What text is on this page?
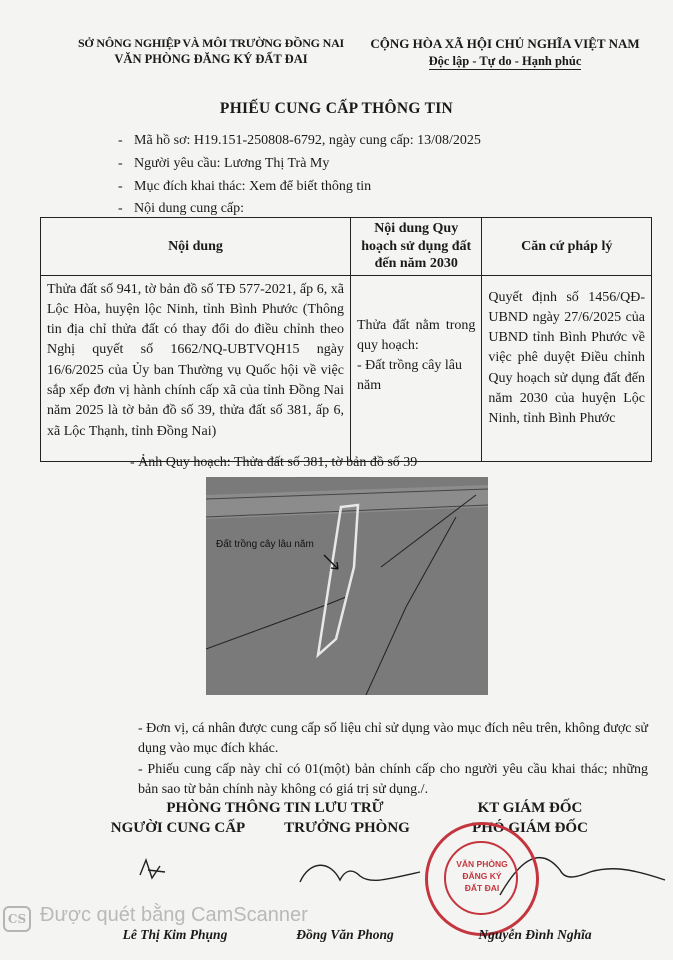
SỞ NÔNG NGHIỆP VÀ MÔI TRƯỜNG ĐỒNG NAI
VĂN PHÒNG ĐĂNG KÝ ĐẤT ĐAI
CỘNG HÒA XÃ HỘI CHỦ NGHĨA VIỆT NAM
Độc lập - Tự do - Hạnh phúc
PHIẾU CUNG CẤP THÔNG TIN
- Mã hồ sơ: H19.151-250808-6792, ngày cung cấp: 13/08/2025
- Người yêu cầu: Lương Thị Trà My
- Mục đích khai thác: Xem để biết thông tin
- Nội dung cung cấp:
Nội dung	Nội dung Quy hoạch sử dụng đất đến năm 2030	Căn cứ pháp lý
Thửa đất số 941, tờ bản đồ số TĐ 577-2021, ấp 6, xã Lộc Hòa, huyện lộc Ninh, tỉnh Bình Phước (Thông tin địa chỉ thửa đất có thay đổi do điều chỉnh theo Nghị quyết số 1662/NQ-UBTVQH15 ngày 16/6/2025 của Ủy ban Thường vụ Quốc hội về việc sắp xếp đơn vị hành chính cấp xã của tỉnh Đồng Nai năm 2025 là tờ bản đồ số 39, thửa đất số 381, ấp 6, xã Lộc Thạnh, tỉnh Đồng Nai)	Thửa đất nằm trong quy hoạch:
- Đất trồng cây lâu năm	Quyết định số 1456/QĐ-UBND ngày 27/6/2025 của UBND tỉnh Bình Phước về việc phê duyệt Điều chỉnh Quy hoạch sử dụng đất đến năm 2030 của huyện Lộc Ninh, tỉnh Bình Phước
- Ảnh Quy hoạch: Thửa đất số 381, tờ bản đồ số 39
Đất trồng cây lâu năm
- Đơn vị, cá nhân được cung cấp số liệu chỉ sử dụng vào mục đích nêu trên, không được sử dụng vào mục đích khác.
- Phiếu cung cấp này chỉ có 01(một) bản chính cấp cho người yêu cầu khai thác; những bản sao từ bản chính này không có giá trị sử dụng./.
PHÒNG THÔNG TIN LƯU TRỮ
NGƯỜI CUNG CẤP	TRƯỞNG PHÒNG
KT GIÁM ĐỐC
PHÓ GIÁM ĐỐC
VĂN PHÒNG
ĐĂNG KÝ
ĐẤT ĐAI
CS Được quét bằng CamScanner
Lê Thị Kim Phụng	Đồng Văn Phong	Nguyễn Đình Nghĩa
